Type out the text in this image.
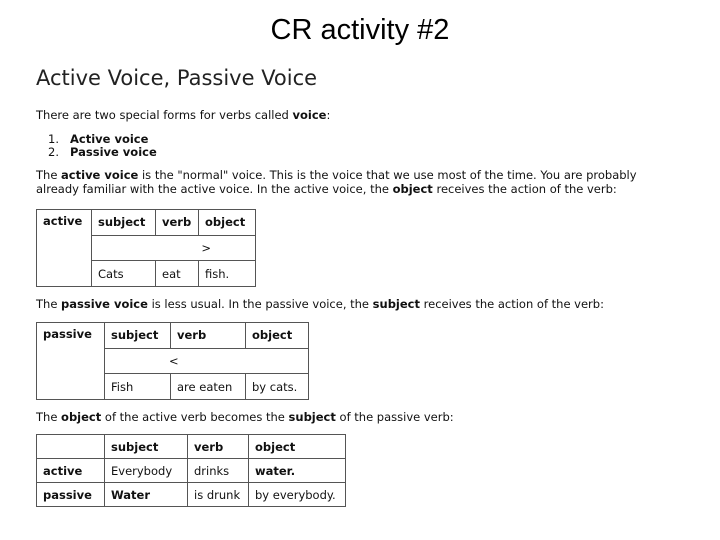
CR activity #2
Active Voice, Passive Voice
There are two special forms for verbs called voice:
1. Active voice
2. Passive voice
The active voice is the "normal" voice. This is the voice that we use most of the time. You are probably
already familiar with the active voice. In the active voice, the object receives the action of the verb:
active	subject	verb	object
	>		
	Cats	eat	fish.
The passive voice is less usual. In the passive voice, the subject receives the action of the verb:
passive	subject	verb	object
	<		
	Fish	are eaten	by cats.
The object of the active verb becomes the subject of the passive verb:
	subject	verb	object
active	Everybody	drinks	water.
passive	Water	is drunk	by everybody.
